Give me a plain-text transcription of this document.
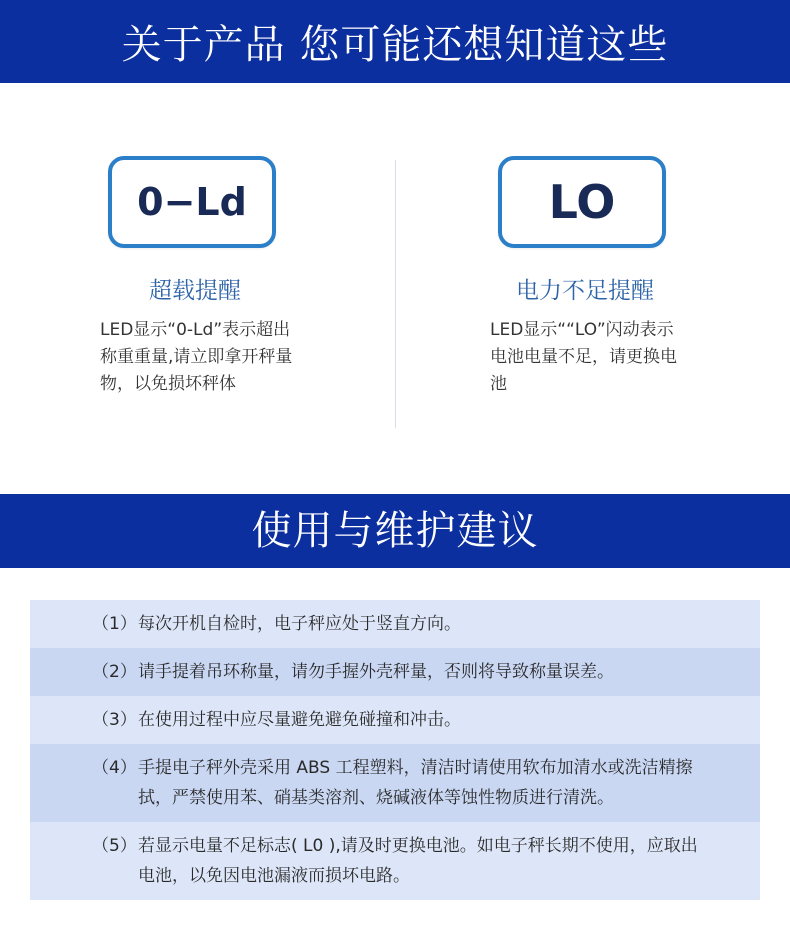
关于产品 您可能还想知道这些
0−Ld
超载提醒
LED显示“0-Ld”表示超出称重重量,请立即拿开秤量物，以免损坏秤体
LO
电力不足提醒
LED显示““LO”闪动表示电池电量不足，请更换电池
使用与维护建议
（1） 每次开机自检时，电子秤应处于竖直方向。
（2） 请手提着吊环称量，请勿手握外壳秤量，否则将导致称量误差。
（3） 在使用过程中应尽量避免避免碰撞和冲击。
（4） 手提电子秤外壳采用 ABS 工程塑料，清洁时请使用软布加清水或洗洁精擦拭，严禁使用苯、硝基类溶剂、烧碱液体等蚀性物质进行清洗。
（5） 若显示电量不足标志( L0 ),请及时更换电池。如电子秤长期不使用，应取出电池，以免因电池漏液而损坏电路。
